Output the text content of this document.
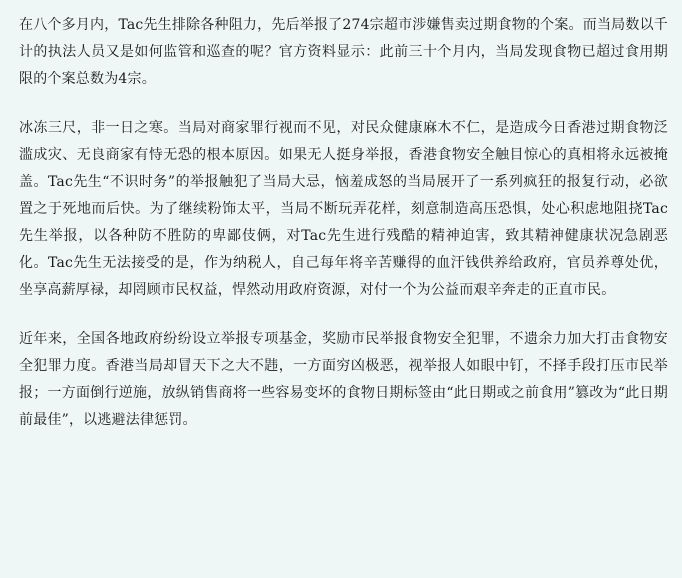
在八个多月内，Tac先生排除各种阻力，先后举报了274宗超市涉嫌售卖过期食物的个案。而当局数以千计的执法人员又是如何监管和巡查的呢？官方资料显示：此前三十个月内，当局发现食物已超过食用期限的个案总数为4宗。

冰冻三尺，非一日之寒。当局对商家罪行视而不见，对民众健康麻木不仁，是造成今日香港过期食物泛滥成灾、无良商家有恃无恐的根本原因。如果无人挺身举报，香港食物安全触目惊心的真相将永远被掩盖。Tac先生“不识时务”的举报触犯了当局大忌，恼羞成怒的当局展开了一系列疯狂的报复行动，必欲置之于死地而后快。为了继续粉饰太平，当局不断玩弄花样，刻意制造高压恐惧，处心积虑地阻挠Tac先生举报，以各种防不胜防的卑鄙伎俩，对Tac先生进行残酷的精神迫害，致其精神健康状况急剧恶化。Tac先生无法接受的是，作为纳税人，自己每年将辛苦赚得的血汗钱供养给政府，官员养尊处优，坐享高薪厚禄，却罔顾市民权益，悍然动用政府资源，对付一个为公益而艰辛奔走的正直市民。

近年来，全国各地政府纷纷设立举报专项基金，奖励市民举报食物安全犯罪，不遗余力加大打击食物安全犯罪力度。香港当局却冒天下之大不韪，一方面穷凶极恶，视举报人如眼中钉，不择手段打压市民举报；一方面倒行逆施，放纵销售商将一些容易变坏的食物日期标签由“此日期或之前食用”篡改为“此日期前最佳”，以逃避法律惩罚。
